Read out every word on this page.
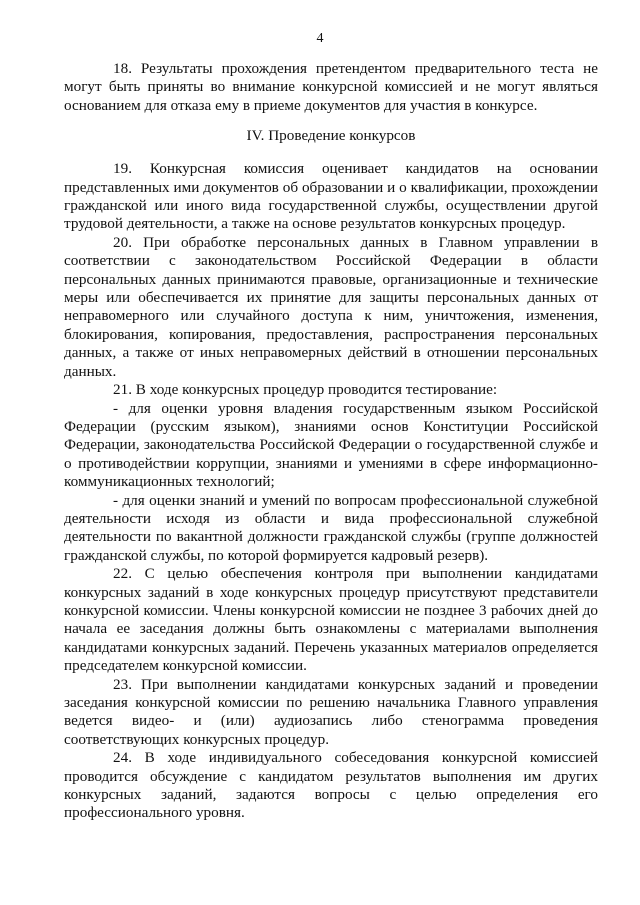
4

18. Результаты прохождения претендентом предварительного теста не могут быть приняты во внимание конкурсной комиссией и не могут являться основанием для отказа ему в приеме документов для участия в конкурсе.

IV. Проведение конкурсов

19. Конкурсная комиссия оценивает кандидатов на основании представленных ими документов об образовании и о квалификации, прохождении гражданской или иного вида государственной службы, осуществлении другой трудовой деятельности, а также на основе результатов конкурсных процедур.

20. При обработке персональных данных в Главном управлении в соответствии с законодательством Российской Федерации в области персональных данных принимаются правовые, организационные и технические меры или обеспечивается их принятие для защиты персональных данных от неправомерного или случайного доступа к ним, уничтожения, изменения, блокирования, копирования, предоставления, распространения персональных данных, а также от иных неправомерных действий в отношении персональных данных.

21. В ходе конкурсных процедур проводится тестирование:

- для оценки уровня владения государственным языком Российской Федерации (русским языком), знаниями основ Конституции Российской Федерации, законодательства Российской Федерации о государственной службе и о противодействии коррупции, знаниями и умениями в сфере информационно-коммуникационных технологий;

- для оценки знаний и умений по вопросам профессиональной служебной деятельности исходя из области и вида профессиональной служебной деятельности по вакантной должности гражданской службы (группе должностей гражданской службы, по которой формируется кадровый резерв).

22. С целью обеспечения контроля при выполнении кандидатами конкурсных заданий в ходе конкурсных процедур присутствуют представители конкурсной комиссии. Члены конкурсной комиссии не позднее 3 рабочих дней до начала ее заседания должны быть ознакомлены с материалами выполнения кандидатами конкурсных заданий. Перечень указанных материалов определяется председателем конкурсной комиссии.

23. При выполнении кандидатами конкурсных заданий и проведении заседания конкурсной комиссии по решению начальника Главного управления ведется видео- и (или) аудиозапись либо стенограмма проведения соответствующих конкурсных процедур.

24. В ходе индивидуального собеседования конкурсной комиссией проводится обсуждение с кандидатом результатов выполнения им других конкурсных заданий, задаются вопросы с целью определения его профессионального уровня.
